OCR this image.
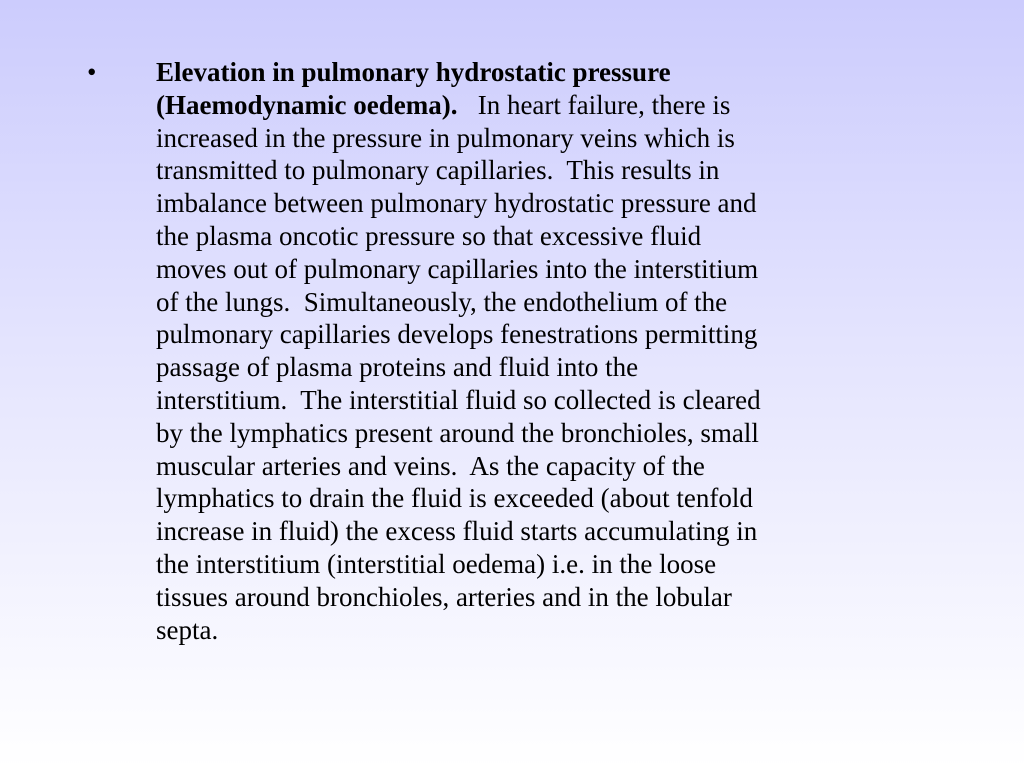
• Elevation in pulmonary hydrostatic pressure
(Haemodynamic oedema).   In heart failure, there is
increased in the pressure in pulmonary veins which is
transmitted to pulmonary capillaries.  This results in
imbalance between pulmonary hydrostatic pressure and
the plasma oncotic pressure so that excessive fluid
moves out of pulmonary capillaries into the interstitium
of the lungs.  Simultaneously, the endothelium of the
pulmonary capillaries develops fenestrations permitting
passage of plasma proteins and fluid into the
interstitium.  The interstitial fluid so collected is cleared
by the lymphatics present around the bronchioles, small
muscular arteries and veins.  As the capacity of the
lymphatics to drain the fluid is exceeded (about tenfold
increase in fluid) the excess fluid starts accumulating in
the interstitium (interstitial oedema) i.e. in the loose
tissues around bronchioles, arteries and in the lobular
septa.
